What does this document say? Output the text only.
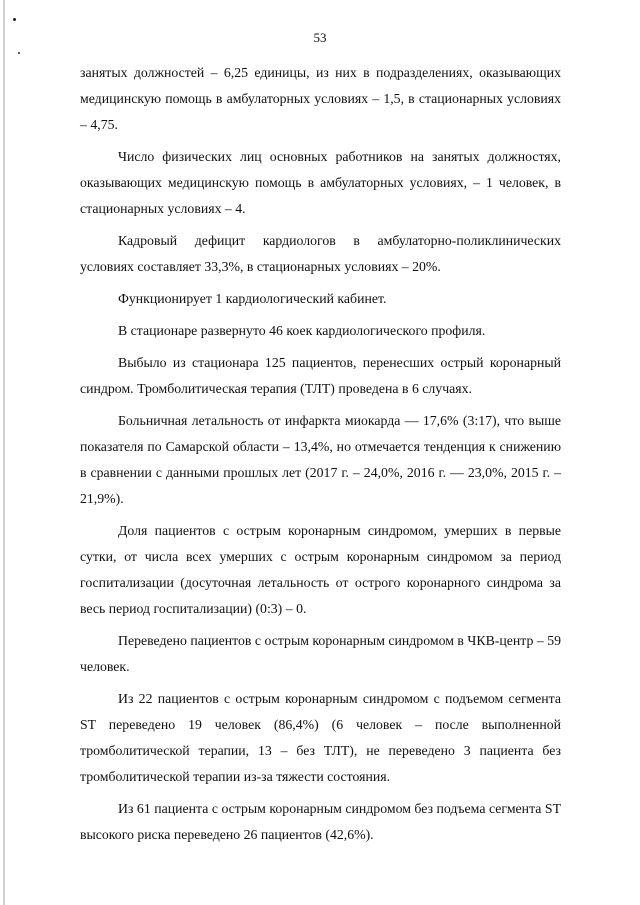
53

занятых должностей – 6,25 единицы, из них в подразделениях, оказывающих медицинскую помощь в амбулаторных условиях – 1,5, в стационарных условиях – 4,75.

Число физических лиц основных работников на занятых должностях, оказывающих медицинскую помощь в амбулаторных условиях, – 1 человек, в стационарных условиях – 4.

Кадровый дефицит кардиологов в амбулаторно-поликлинических условиях составляет 33,3%, в стационарных условиях – 20%.

Функционирует 1 кардиологический кабинет.

В стационаре развернуто 46 коек кардиологического профиля.

Выбыло из стационара 125 пациентов, перенесших острый коронарный синдром. Тромболитическая терапия (ТЛТ) проведена в 6 случаях.

Больничная летальность от инфаркта миокарда — 17,6% (3:17), что выше показателя по Самарской области – 13,4%, но отмечается тенденция к снижению в сравнении с данными прошлых лет (2017 г. – 24,0%, 2016 г. — 23,0%, 2015 г. – 21,9%).

Доля пациентов с острым коронарным синдромом, умерших в первые сутки, от числа всех умерших с острым коронарным синдромом за период госпитализации (досуточная летальность от острого коронарного синдрома за весь период госпитализации) (0:3) – 0.

Переведено пациентов с острым коронарным синдромом в ЧКВ-центр – 59 человек.

Из 22 пациентов с острым коронарным синдромом с подъемом сегмента ST переведено 19 человек (86,4%) (6 человек – после выполненной тромболитической терапии, 13 – без ТЛТ), не переведено 3 пациента без тромболитической терапии из-за тяжести состояния.

Из 61 пациента с острым коронарным синдромом без подъема сегмента ST высокого риска переведено 26 пациентов (42,6%).
